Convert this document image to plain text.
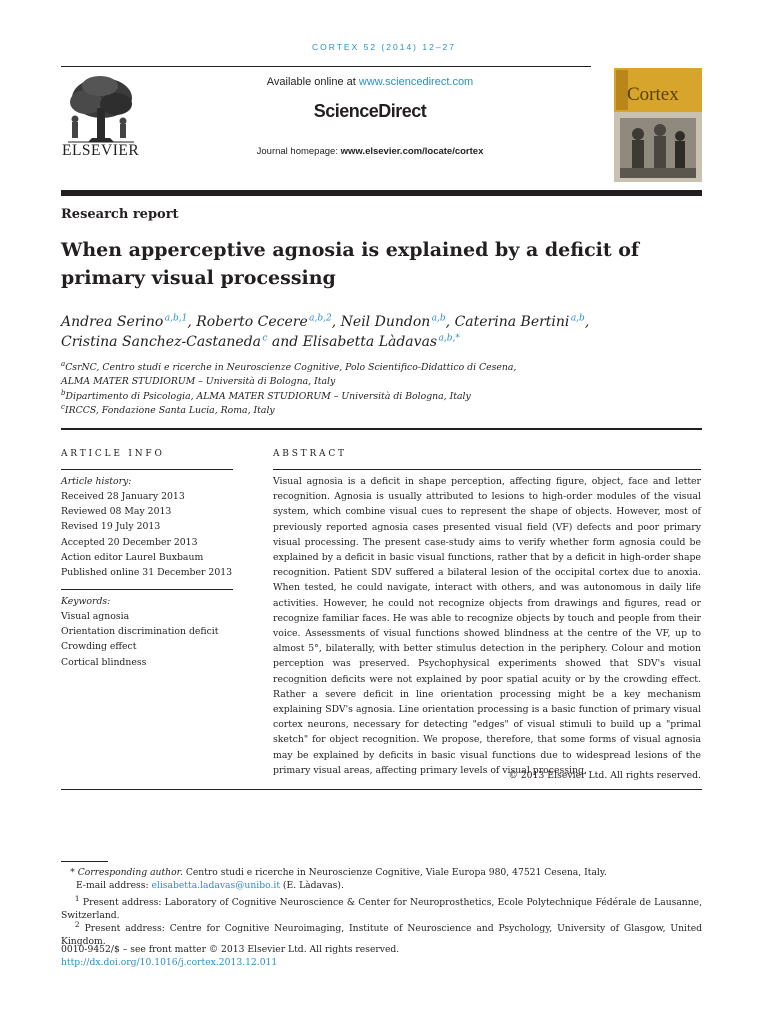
CORTEX 52 (2014) 12–27
ELSEVIER
Available online at www.sciencedirect.com
ScienceDirect
Journal homepage: www.elsevier.com/locate/cortex
Cortex
Research report
When apperceptive agnosia is explained by a deficit of primary visual processing
Andrea Serino $^{a,b,1}$, Roberto Cecere $^{a,b,2}$, Neil Dundon $^{a,b}$, Caterina Bertini $^{a,b}$,
Cristina Sanchez-Castaneda $^c$ and Elisabetta Làdavas $^{a,b,*}$
$^a$CsrNC, Centro studi e ricerche in Neuroscienze Cognitive, Polo Scientifico-Didattico di Cesena,
ALMA MATER STUDIORUM – Università di Bologna, Italy
$^b$Dipartimento di Psicologia, ALMA MATER STUDIORUM – Università di Bologna, Italy
$^c$IRCCS, Fondazione Santa Lucia, Roma, Italy
ARTICLE INFO
Article history:
Received 28 January 2013
Reviewed 08 May 2013
Revised 19 July 2013
Accepted 20 December 2013
Action editor Laurel Buxbaum
Published online 31 December 2013
Keywords:
Visual agnosia
Orientation discrimination deficit
Crowding effect
Cortical blindness
ABSTRACT
Visual agnosia is a deficit in shape perception, affecting figure, object, face and letter recognition. Agnosia is usually attributed to lesions to high-order modules of the visual system, which combine visual cues to represent the shape of objects. However, most of previously reported agnosia cases presented visual field (VF) defects and poor primary visual processing. The present case-study aims to verify whether form agnosia could be explained by a deficit in basic visual functions, rather that by a deficit in high-order shape recognition. Patient SDV suffered a bilateral lesion of the occipital cortex due to anoxia. When tested, he could navigate, interact with others, and was autonomous in daily life activities. However, he could not recognize objects from drawings and figures, read or recognize familiar faces. He was able to recognize objects by touch and people from their voice. Assessments of visual functions showed blindness at the centre of the VF, up to almost 5°, bilaterally, with better stimulus detection in the periphery. Colour and motion perception was preserved. Psychophysical experiments showed that SDV's visual recognition deficits were not explained by poor spatial acuity or by the crowding effect. Rather a severe deficit in line orientation processing might be a key mechanism explaining SDV's agnosia. Line orientation processing is a basic function of primary visual cortex neurons, necessary for detecting "edges" of visual stimuli to build up a "primal sketch" for object recognition. We propose, therefore, that some forms of visual agnosia may be explained by deficits in basic visual functions due to widespread lesions of the primary visual areas, affecting primary levels of visual processing.
© 2013 Elsevier Ltd. All rights reserved.
 * Corresponding author. Centro studi e ricerche in Neuroscienze Cognitive, Viale Europa 980, 47521 Cesena, Italy.
E-mail address: elisabetta.ladavas@unibo.it (E. Làdavas).
  $^1$ Present address: Laboratory of Cognitive Neuroscience & Center for Neuroprosthetics, Ecole Polytechnique Fédérale de Lausanne, Switzerland.
  $^2$ Present address: Centre for Cognitive Neuroimaging, Institute of Neuroscience and Psychology, University of Glasgow, United Kingdom.
0010-9452/$ – see front matter © 2013 Elsevier Ltd. All rights reserved.
http://dx.doi.org/10.1016/j.cortex.2013.12.011
